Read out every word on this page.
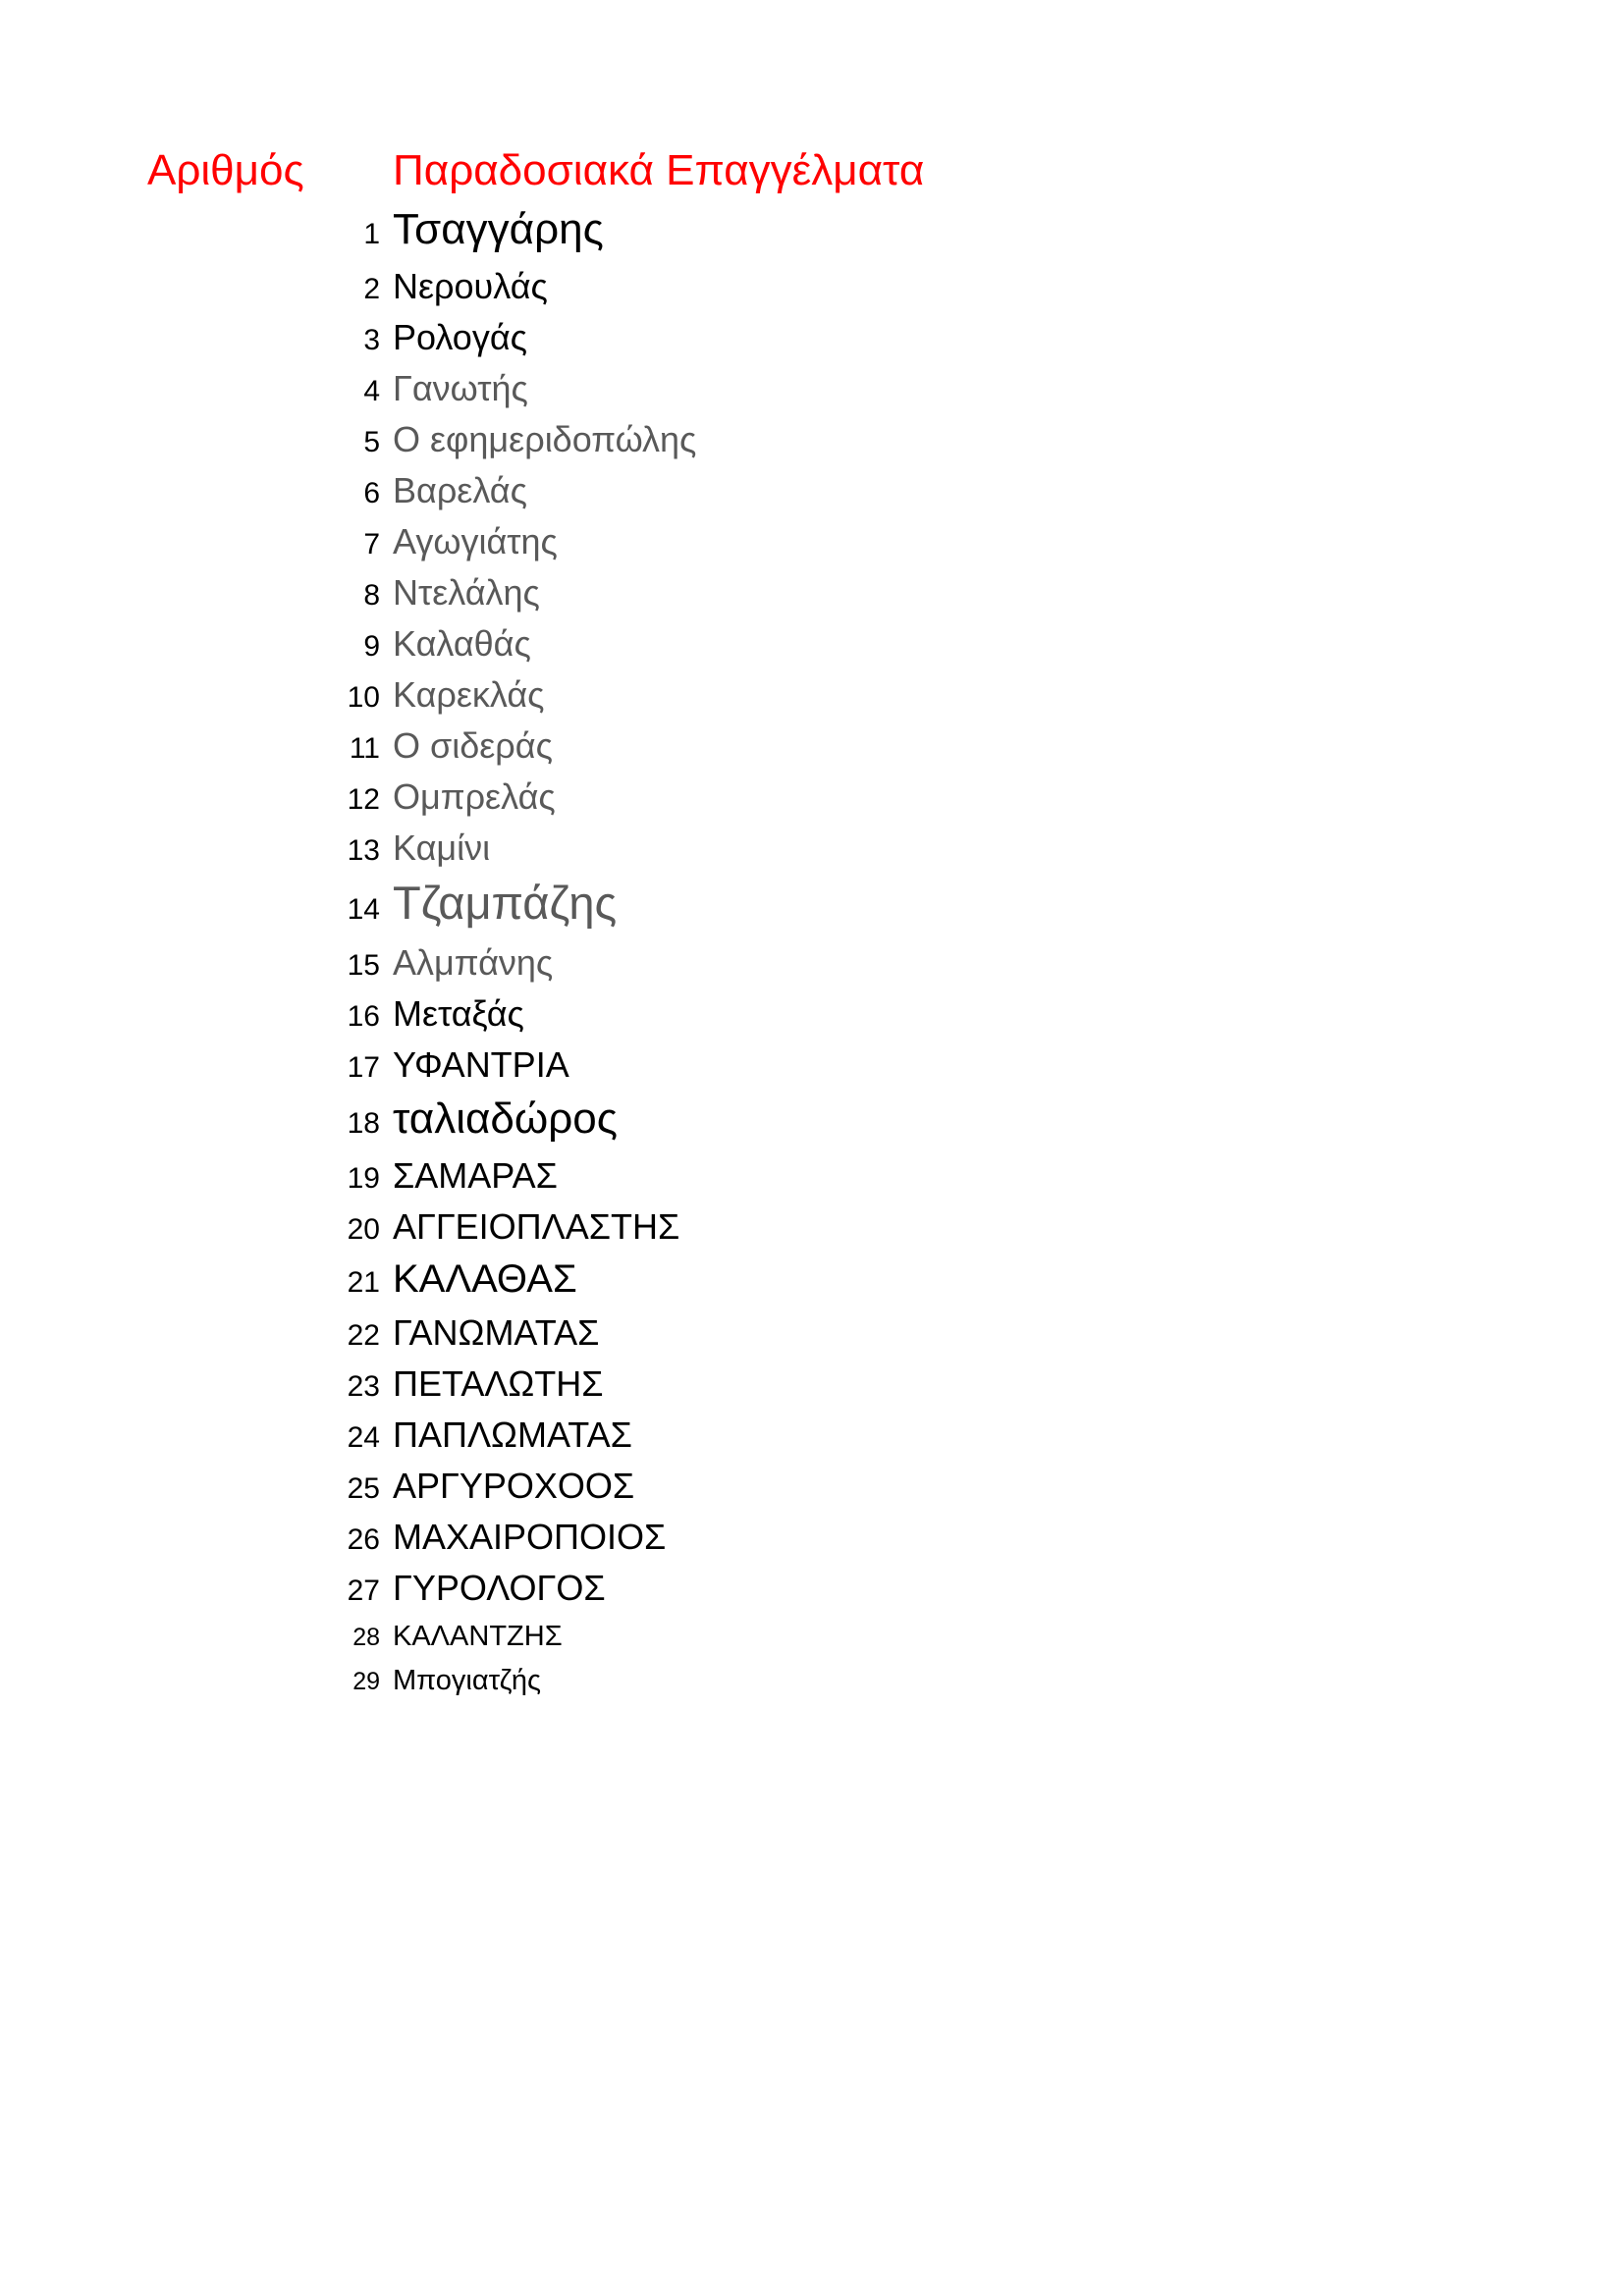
Αριθμός	Παραδοσιακά Επαγγέλματα
1 Τσαγγάρης
2 Νερουλάς
3 Ρολογάς
4 Γανωτής
5 Ο εφημεριδοπώλης
6 Βαρελάς
7 Αγωγιάτης
8 Ντελάλης
9 Καλαθάς
10 Καρεκλάς
11 Ο σιδεράς
12 Ομπρελάς
13 Καμίνι
14 Τζαμπάζης
15 Αλμπάνης
16 Μεταξάς
17 ΥΦΑΝΤΡΙΑ
18 ταλιαδώρος
19 ΣΑΜΑΡΑΣ
20 ΑΓΓΕΙΟΠΛΑΣΤΗΣ
21 ΚΑΛΑΘΑΣ
22 ΓΑΝΩΜΑΤΑΣ
23 ΠΕΤΑΛΩΤΗΣ
24 ΠΑΠΛΩΜΑΤΑΣ
25 ΑΡΓΥΡΟΧΟΟΣ
26 ΜΑΧΑΙΡΟΠΟΙΟΣ
27 ΓΥΡΟΛΟΓΟΣ
28 ΚΑΛΑΝΤΖΗΣ
29 Μπογιατζής
